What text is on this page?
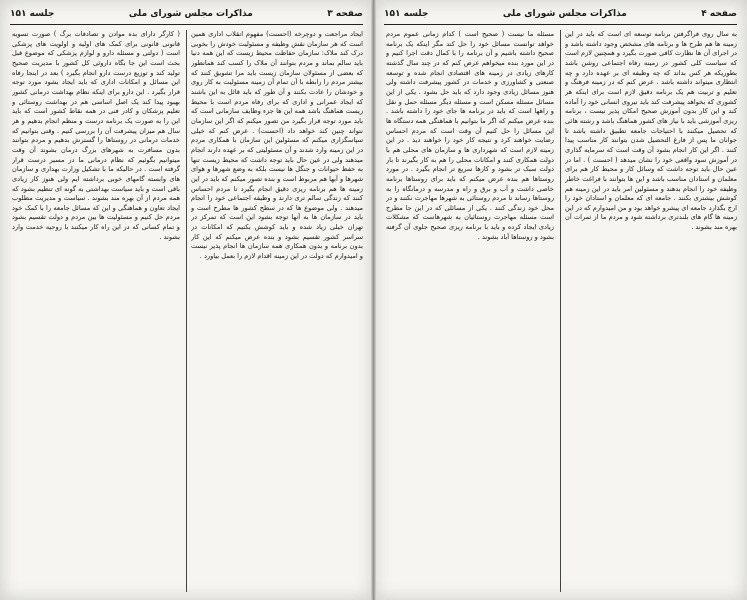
صفحه ۳
مذاکرات مجلس شورای ملی
جلسه ۱۵۱

ایجاد مراجعت و دوچرخه (احسنت) مفهوم انقلاب اداری همین است که هر سازمان نقش وظیفه و مسئولیت خودش را بخوبی درک کند ملاک: سازمان حفاظت محیط زیست که این همه دنیا باید سالم بماند و مردم بتوانند آن ملاک را کسب کند همانطور که بعضی از مسئولان سازمان زیست باید مرا تشویق کنند که بیشتر مردم را رابطه با آن تمام آن زمینه مسئولیت به کار روی و خودشان را عادت بکنند و آن طور که باید قائل به این باشند که ایجاد عمرانی و اداری که برای رفاه مردم است با محیط زیست هماهنگ باشد همه این ها جزء وظایف سازمانی است که باید مورد توجه قرار بگیرد من تصور میکنم که اگر این سازمان نتواند چنین کند خواهد داد (احسنت) . عرض کنم که خیلی سپاسگزاری میکنم که مسئولین این سازمان با همکاری مردم در این زمینه وارد شدند و آن مسئولیتی که بر عهده دارند انجام میدهند ولی در عین حال باید توجه داشت که محیط زیست تنها به حفظ حیوانات و جنگل ها نیست بلکه به وضع شهرها و هوای شهرها و آبها هم مربوط است و بنده تصور میکنم که باید در این زمینه ها هم برنامه ریزی دقیق انجام بگیرد تا مردم احساس کنند که زندگی سالم تری دارند و وظیفه اجتماعی خود را انجام میدهند . ولی موضوع ها که در سطح کشور ها مطرح است و باید در سازمان ها به آنها توجه بشود این است که تمرکز در تهران خیلی زیاد شده و باید کوشش بکنیم که امکانات در سراسر کشور تقسیم بشود و بنده عرض میکنم که این کار بدون برنامه و بدون همکاری همه سازمان ها انجام پذیر نیست و امیدوارم که دولت در این زمینه اقدام لازم را بعمل بیاورد .

( کارگر دارای بده موادن و تصادفات برگ ) صورت تسویه قانونی قانونی برای کمک های اولیه و اولویت های پزشکی است ( دولتی و مسئله دارو و لوازم پزشکی که موضوع قبل بحث است این جا بگاه داروئی کل کشور با مدیریت صحیح تولید کند و توزیع درست دارو انجام بگیرد ) بعد در اینجا رفاه این مسائل و امکانات اداری که باید ایجاد بشود مورد توجه قرار بگیرد . این دارو برای اینکه نظام بهداشت درمانی کشور بهبود پیدا کند یک اصل اساسی هم در بهداشت روستائی و تعلیم پزشکان و کادر فنی در همه نقاط کشور است که باید این را به صورت یک برنامه درست و منظم انجام بدهیم و هر سال هم میزان پیشرفت آن را بررسی کنیم . وقتی بتوانیم که خدمات درمانی در روستاها را گسترش بدهیم و مردم بتوانند بدون مسافرت به شهرهای بزرگ درمان بشوند آن وقت میتوانیم بگوئیم که نظام درمانی ما در مسیر درست قرار گرفته است . در حالیکه ما با تشکیل وزارت بهداری و سازمان های وابسته گامهای خوبی برداشته ایم ولی هنوز کار زیادی باقی است و باید سیاست بهداشتی به گونه ای تنظیم بشود که همه مردم از آن بهره مند بشوند . سیاست و مدیریت مطلوب ایجاد تعاون و هماهنگی و این که مسائل جامعه را با کمک خود مردم حل کنیم و مسئولیت ها بین مردم و دولت تقسیم بشود و تمام کسانی که در این راه کار میکنند با روحیه خدمت وارد بشوند .

صفحه ۴
مذاکرات مجلس شورای ملی
جلسه ۱۵۱

به سال روی فراگرفتن برنامه توسعه ای است که باید در این زمینه ها هم طرح ها و برنامه های مشخص وجود داشته باشد و در اجرای آن ها نظارت کافی صورت بگیرد و همچنین لازم است که سیاست کلی کشور در زمینه رفاه اجتماعی روشن باشد بطوریکه هر کس بداند که چه وظیفه ای بر عهده دارد و چه انتظاری میتواند داشته باشد . عرض کنم که در زمینه فرهنگ و تعلیم و تربیت هم یک برنامه دقیق لازم است برای اینکه هر کشوری که بخواهد پیشرفت کند باید نیروی انسانی خود را آماده کند و این کار بدون آموزش صحیح امکان پذیر نیست ، برنامه ریزی آموزشی باید با نیاز های کشور هماهنگ باشد و رشته هائی که تحصیل میکنند با احتیاجات جامعه تطبیق داشته باشد تا جوانان ما پس از فارغ التحصیل شدن بتوانند کار مناسب پیدا کنند . اگر این کار انجام بشود آن وقت است که سرمایه گذاری در آموزش سود واقعی خود را نشان میدهد ( احسنت ) . اما در عین حال باید توجه داشت که وسائل کار و محیط کار هم برای معلمان و استادان مناسب باشد و این ها بتوانند با فراغت خاطر وظیفه خود را انجام بدهند و مسئولین امر باید در این زمینه هم کوشش بیشتری بکنند . جامعه ای که معلمان و استادان خود را ارج بگذارد جامعه ای پیشرو خواهد بود و من امیدوارم که در این زمینه ها گام های بلندتری برداشته شود و مردم ما از ثمرات آن بهره مند بشوند .

مسئله ما نیست ( صحیح است ) کدام زمانی عموم مردم خواهد توانست مسائل خود را حل کند مگر اینکه یک برنامه صحیح داشته باشیم و آن برنامه را با کمال دقت اجرا کنیم و در این مورد بنده میخواهم عرض کنم که در چند سال گذشته کارهای زیادی در زمینه های اقتصادی انجام شده و توسعه صنعتی و کشاورزی و خدمات در کشور پیشرفت داشته ولی هنوز مسائل زیادی وجود دارد که باید حل بشود . یکی از این مسائل مسئله مسکن است و مسئله دیگر مسئله حمل و نقل و راهها است که باید در برنامه ها جای خود را داشته باشد . بنده عرض میکنم که اگر ما بتوانیم با هماهنگی همه دستگاه ها این مسائل را حل کنیم آن وقت است که مردم احساس رضایت خواهند کرد و نتیجه کار خود را خواهند دید . در این زمینه لازم است که شهرداری ها و سازمان های محلی هم با دولت همکاری کنند و امکانات محلی را هم به کار بگیرند تا بار دولت سبک تر بشود و کارها سریع تر انجام بگیرد . در مورد روستاها هم بنده عرض میکنم که باید برای روستاها برنامه خاصی داشت و آب و برق و راه و مدرسه و درمانگاه را به روستاها رساند تا مردم روستائی به شهرها مهاجرت نکنند و در محل خود زندگی کنند . یکی از مسائلی که در این جا مطرح است مسئله مهاجرت روستائیان به شهرهاست که مشکلات زیادی ایجاد کرده و باید با برنامه ریزی صحیح جلوی آن گرفته بشود و روستاها آباد بشوند .
